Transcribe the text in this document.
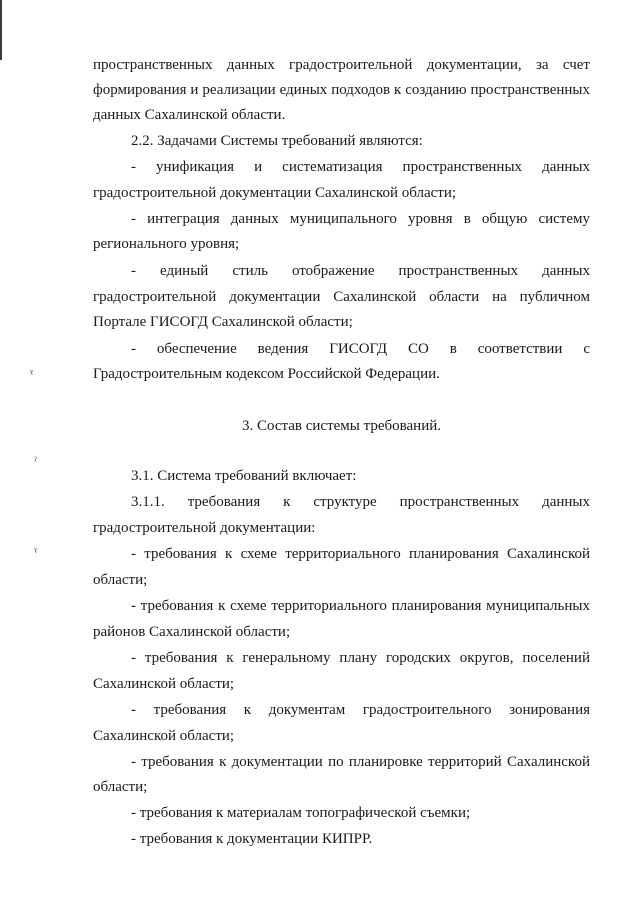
пространственных данных градостроительной документации, за счет
формирования и реализации единых подходов к созданию пространственных
данных Сахалинской области.
2.2. Задачами Системы требований являются:
- унификация и систематизация пространственных данных
градостроительной документации Сахалинской области;
- интеграция данных муниципального уровня в общую систему
регионального уровня;
- единый стиль отображение пространственных данных
градостроительной документации Сахалинской области на публичном
Портале ГИСОГД Сахалинской области;
- обеспечение ведения ГИСОГД СО в соответствии с
Градостроительным кодексом Российской Федерации.
3. Состав системы требований.
3.1. Система требований включает:
3.1.1. требования к структуре пространственных данных
градостроительной документации:
- требования к схеме территориального планирования Сахалинской
области;
- требования к схеме территориального планирования муниципальных
районов Сахалинской области;
- требования к генеральному плану городских округов, поселений
Сахалинской области;
- требования к документам градостроительного зонирования
Сахалинской области;
- требования к документации по планировке территорий Сахалинской
области;
- требования к материалам топографической съемки;
- требования к документации КИПРР.
ˠ
ˀ
ˠ
